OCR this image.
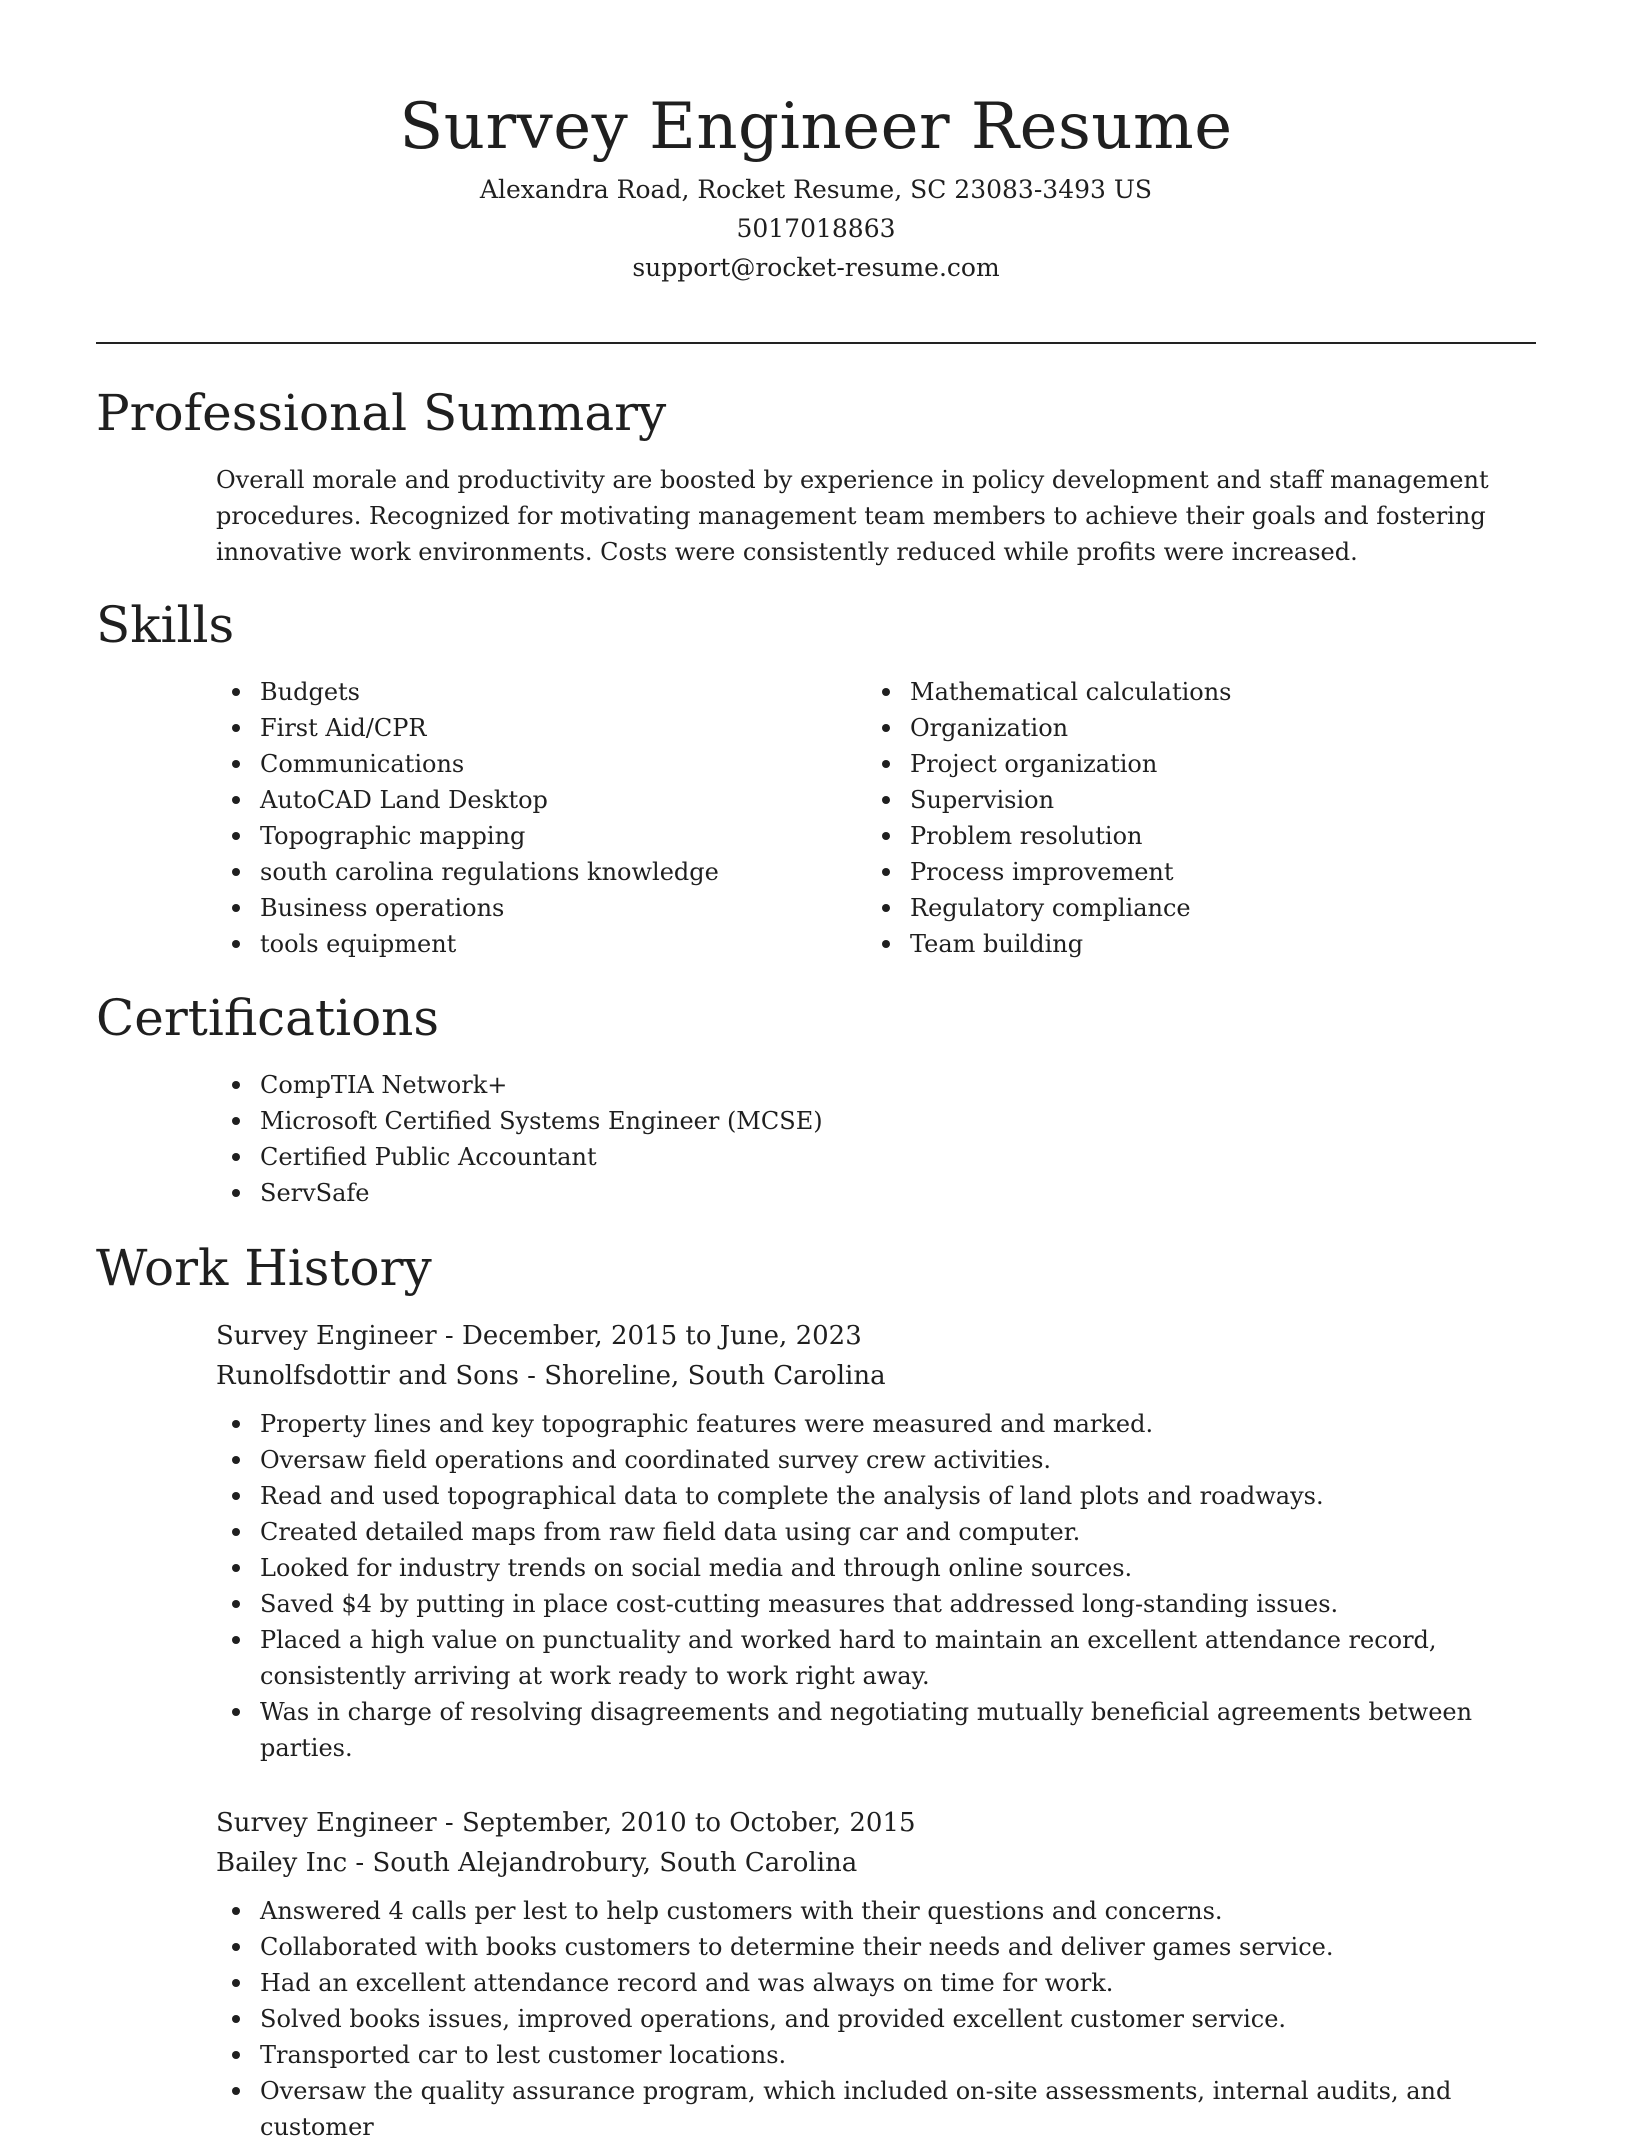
Survey Engineer Resume
Alexandra Road, Rocket Resume, SC 23083-3493 US
5017018863
support@rocket-resume.com
Professional Summary
Overall morale and productivity are boosted by experience in policy development and staff management procedures. Recognized for motivating management team members to achieve their goals and fostering innovative work environments. Costs were consistently reduced while profits were increased.
Skills
Budgets
First Aid/CPR
Communications
AutoCAD Land Desktop
Topographic mapping
south carolina regulations knowledge
Business operations
tools equipment
Mathematical calculations
Organization
Project organization
Supervision
Problem resolution
Process improvement
Regulatory compliance
Team building
Certifications
CompTIA Network+
Microsoft Certified Systems Engineer (MCSE)
Certified Public Accountant
ServSafe
Work History
Survey Engineer - December, 2015 to June, 2023
Runolfsdottir and Sons - Shoreline, South Carolina
Property lines and key topographic features were measured and marked.
Oversaw field operations and coordinated survey crew activities.
Read and used topographical data to complete the analysis of land plots and roadways.
Created detailed maps from raw field data using car and computer.
Looked for industry trends on social media and through online sources.
Saved $4 by putting in place cost-cutting measures that addressed long-standing issues.
Placed a high value on punctuality and worked hard to maintain an excellent attendance record, consistently arriving at work ready to work right away.
Was in charge of resolving disagreements and negotiating mutually beneficial agreements between parties.
Survey Engineer - September, 2010 to October, 2015
Bailey Inc - South Alejandrobury, South Carolina
Answered 4 calls per lest to help customers with their questions and concerns.
Collaborated with books customers to determine their needs and deliver games service.
Had an excellent attendance record and was always on time for work.
Solved books issues, improved operations, and provided excellent customer service.
Transported car to lest customer locations.
Oversaw the quality assurance program, which included on-site assessments, internal audits, and customer
